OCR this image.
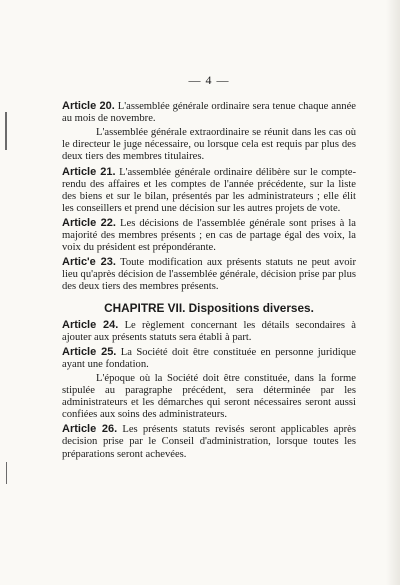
— 4 —

Article 20. L'assemblée générale ordinaire sera tenue chaque année au mois de novembre.

L'assemblée générale extraordinaire se réunit dans les cas où le directeur le juge nécessaire, ou lorsque cela est requis par plus des deux tiers des membres titulaires.

Article 21. L'assemblée générale ordinaire délibère sur le compte-rendu des affaires et les comptes de l'année précédente, sur la liste des biens et sur le bilan, présentés par les administrateurs ; elle élit les conseillers et prend une décision sur les autres projets de vote.

Article 22. Les décisions de l'assemblée générale sont prises à la majorité des membres présents ; en cas de partage égal des voix, la voix du président est prépondérante.

Artic'e 23. Toute modification aux présents statuts ne peut avoir lieu qu'après décision de l'assemblée générale, décision prise par plus des deux tiers des membres présents.

CHAPITRE VII. Dispositions diverses.

Article 24. Le règlement concernant les détails secondaires à ajouter aux présents statuts sera établi à part.

Article 25. La Société doit être constituée en personne juridique ayant une fondation.

L'époque où la Société doit être constituée, dans la forme stipulée au paragraphe précédent, sera déterminée par les administrateurs et les démarches qui seront nécessaires seront aussi confiées aux soins des administrateurs.

Article 26. Les présents statuts revisés seront applicables après decision prise par le Conseil d'administration, lorsque toutes les préparations seront achevées.
